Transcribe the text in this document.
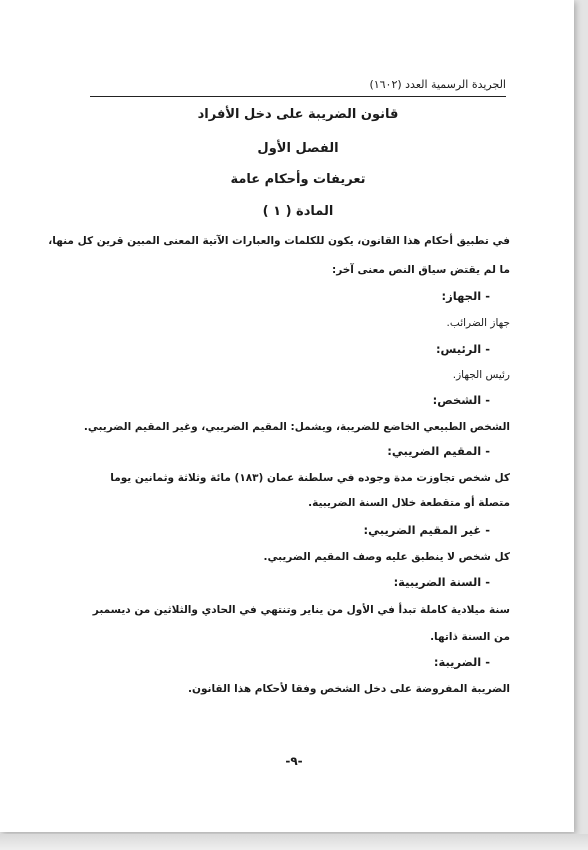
الجريدة الرسمية العدد (١٦٠٢)
قانون الضريبة على دخل الأفراد
الفصل الأول
تعريفات وأحكام عامة
المادة ( ١ )
في تطبيق أحكام هذا القانون، يكون للكلمات والعبارات الآتية المعنى المبين قرين كل منها،
ما لم يقتض سياق النص معنى آخر:
- الجهاز:
جهاز الضرائب.
- الرئيس:
رئيس الجهاز.
- الشخص:
الشخص الطبيعي الخاضع للضريبة، ويشمل: المقيم الضريبي، وغير المقيم الضريبي.
- المقيم الضريبي:
كل شخص تجاوزت مدة وجوده في سلطنة عمان (١٨٣) مائة وثلاثة وثمانين يوما
متصلة أو متقطعة خلال السنة الضريبية.
- غير المقيم الضريبي:
كل شخص لا ينطبق عليه وصف المقيم الضريبي.
- السنة الضريبية:
سنة ميلادية كاملة تبدأ في الأول من يناير وتنتهي في الحادي والثلاثين من ديسمبر
من السنة ذاتها.
- الضريبة:
الضريبة المفروضة على دخل الشخص وفقا لأحكام هذا القانون.
-٩-
